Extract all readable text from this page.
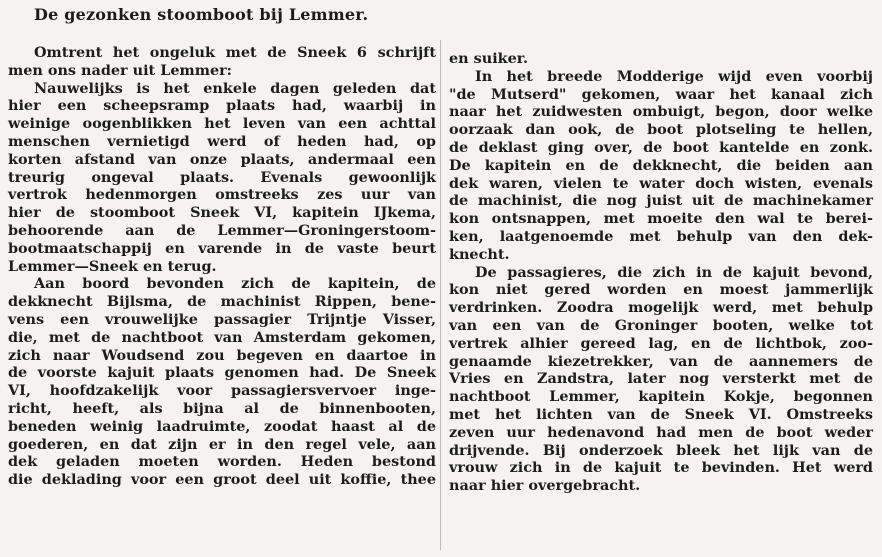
De gezonken stoomboot bij Lemmer.
Omtrent het ongeluk met de Sneek 6 schrijft
men ons nader uit Lemmer:
Nauwelijks is het enkele dagen geleden dat
hier een scheepsramp plaats had, waarbij in
weinige oogenblikken het leven van een achttal
menschen vernietigd werd of heden had, op
korten afstand van onze plaats, andermaal een
treurig ongeval plaats. Evenals gewoonlijk
vertrok hedenmorgen omstreeks zes uur van
hier de stoomboot Sneek VI, kapitein IJkema,
behoorende aan de Lemmer—Groningerstoom-
bootmaatschappij en varende in de vaste beurt
Lemmer—Sneek en terug.
Aan boord bevonden zich de kapitein, de
dekknecht Bijlsma, de machinist Rippen, bene-
vens een vrouwelijke passagier Trijntje Visser,
die, met de nachtboot van Amsterdam gekomen,
zich naar Woudsend zou begeven en daartoe in
de voorste kajuit plaats genomen had. De Sneek
VI, hoofdzakelijk voor passagiersvervoer inge-
richt, heeft, als bijna al de binnenbooten,
beneden weinig laadruimte, zoodat haast al de
goederen, en dat zijn er in den regel vele, aan
dek geladen moeten worden. Heden bestond
die deklading voor een groot deel uit koffie, thee
en suiker.
In het breede Modderige wijd even voorbij
"de Mutserd" gekomen, waar het kanaal zich
naar het zuidwesten ombuigt, begon, door welke
oorzaak dan ook, de boot plotseling te hellen,
de deklast ging over, de boot kantelde en zonk.
De kapitein en de dekknecht, die beiden aan
dek waren, vielen te water doch wisten, evenals
de machinist, die nog juist uit de machinekamer
kon ontsnappen, met moeite den wal te berei-
ken, laatgenoemde met behulp van den dek-
knecht.
De passagieres, die zich in de kajuit bevond,
kon niet gered worden en moest jammerlijk
verdrinken. Zoodra mogelijk werd, met behulp
van een van de Groninger booten, welke tot
vertrek alhier gereed lag, en de lichtbok, zoo-
genaamde kiezetrekker, van de aannemers de
Vries en Zandstra, later nog versterkt met de
nachtboot Lemmer, kapitein Kokje, begonnen
met het lichten van de Sneek VI. Omstreeks
zeven uur hedenavond had men de boot weder
drijvende. Bij onderzoek bleek het lijk van de
vrouw zich in de kajuit te bevinden. Het werd
naar hier overgebracht.
